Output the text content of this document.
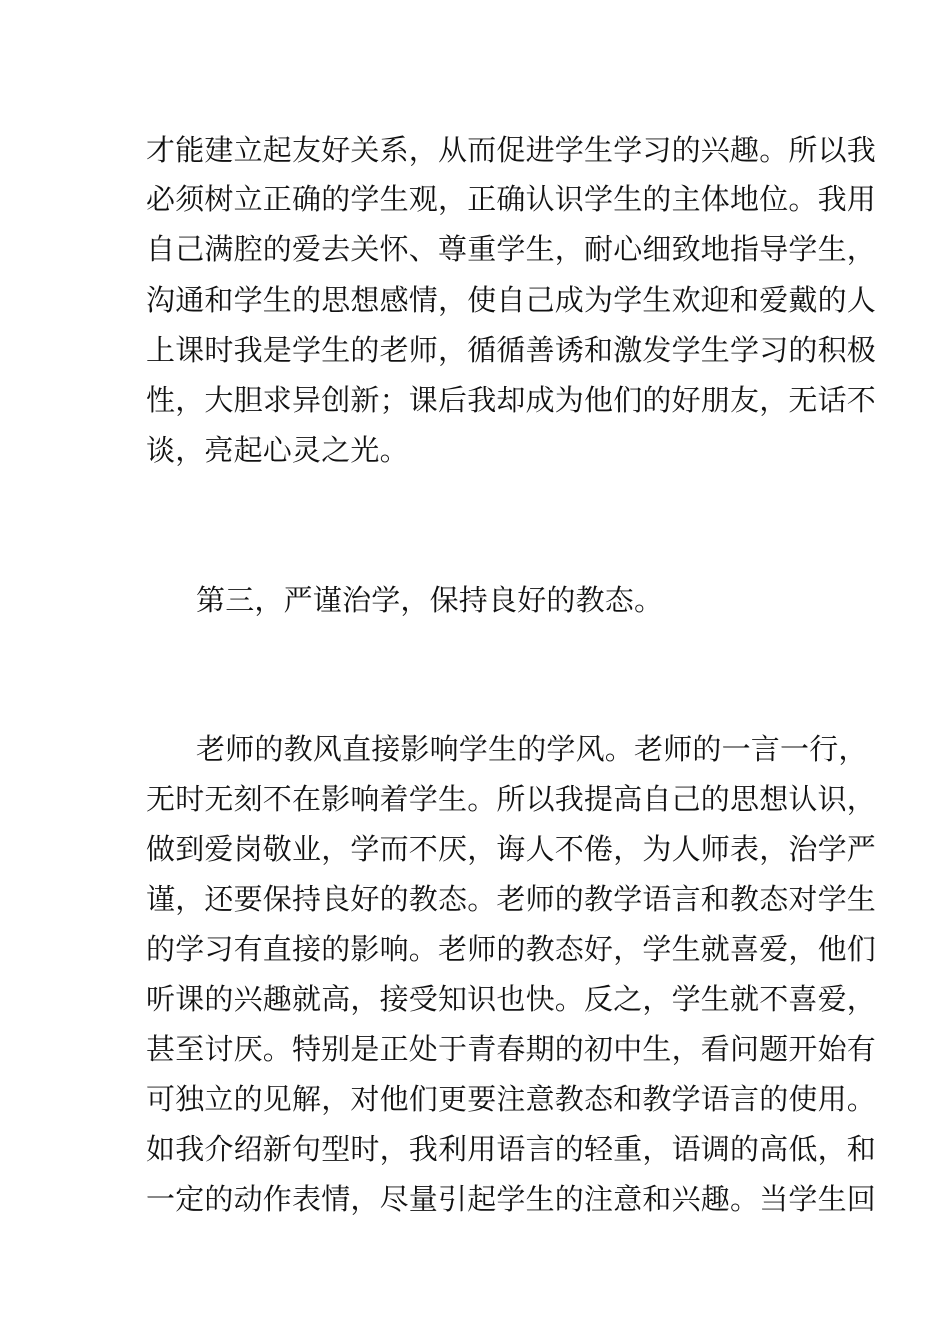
才能建立起友好关系，从而促进学生学习的兴趣。所以我
必须树立正确的学生观，正确认识学生的主体地位。我用
自己满腔的爱去关怀、尊重学生，耐心细致地指导学生，
沟通和学生的思想感情，使自己成为学生欢迎和爱戴的人
上课时我是学生的老师，循循善诱和激发学生学习的积极
性，大胆求异创新；课后我却成为他们的好朋友，无话不
谈，亮起心灵之光。
第三，严谨治学，保持良好的教态。
老师的教风直接影响学生的学风。老师的一言一行，
无时无刻不在影响着学生。所以我提高自己的思想认识，
做到爱岗敬业，学而不厌，诲人不倦，为人师表，治学严
谨，还要保持良好的教态。老师的教学语言和教态对学生
的学习有直接的影响。老师的教态好，学生就喜爱，他们
听课的兴趣就高，接受知识也快。反之，学生就不喜爱，
甚至讨厌。特别是正处于青春期的初中生，看问题开始有
可独立的见解，对他们更要注意教态和教学语言的使用。
如我介绍新句型时，我利用语言的轻重，语调的高低，和
一定的动作表情，尽量引起学生的注意和兴趣。当学生回
